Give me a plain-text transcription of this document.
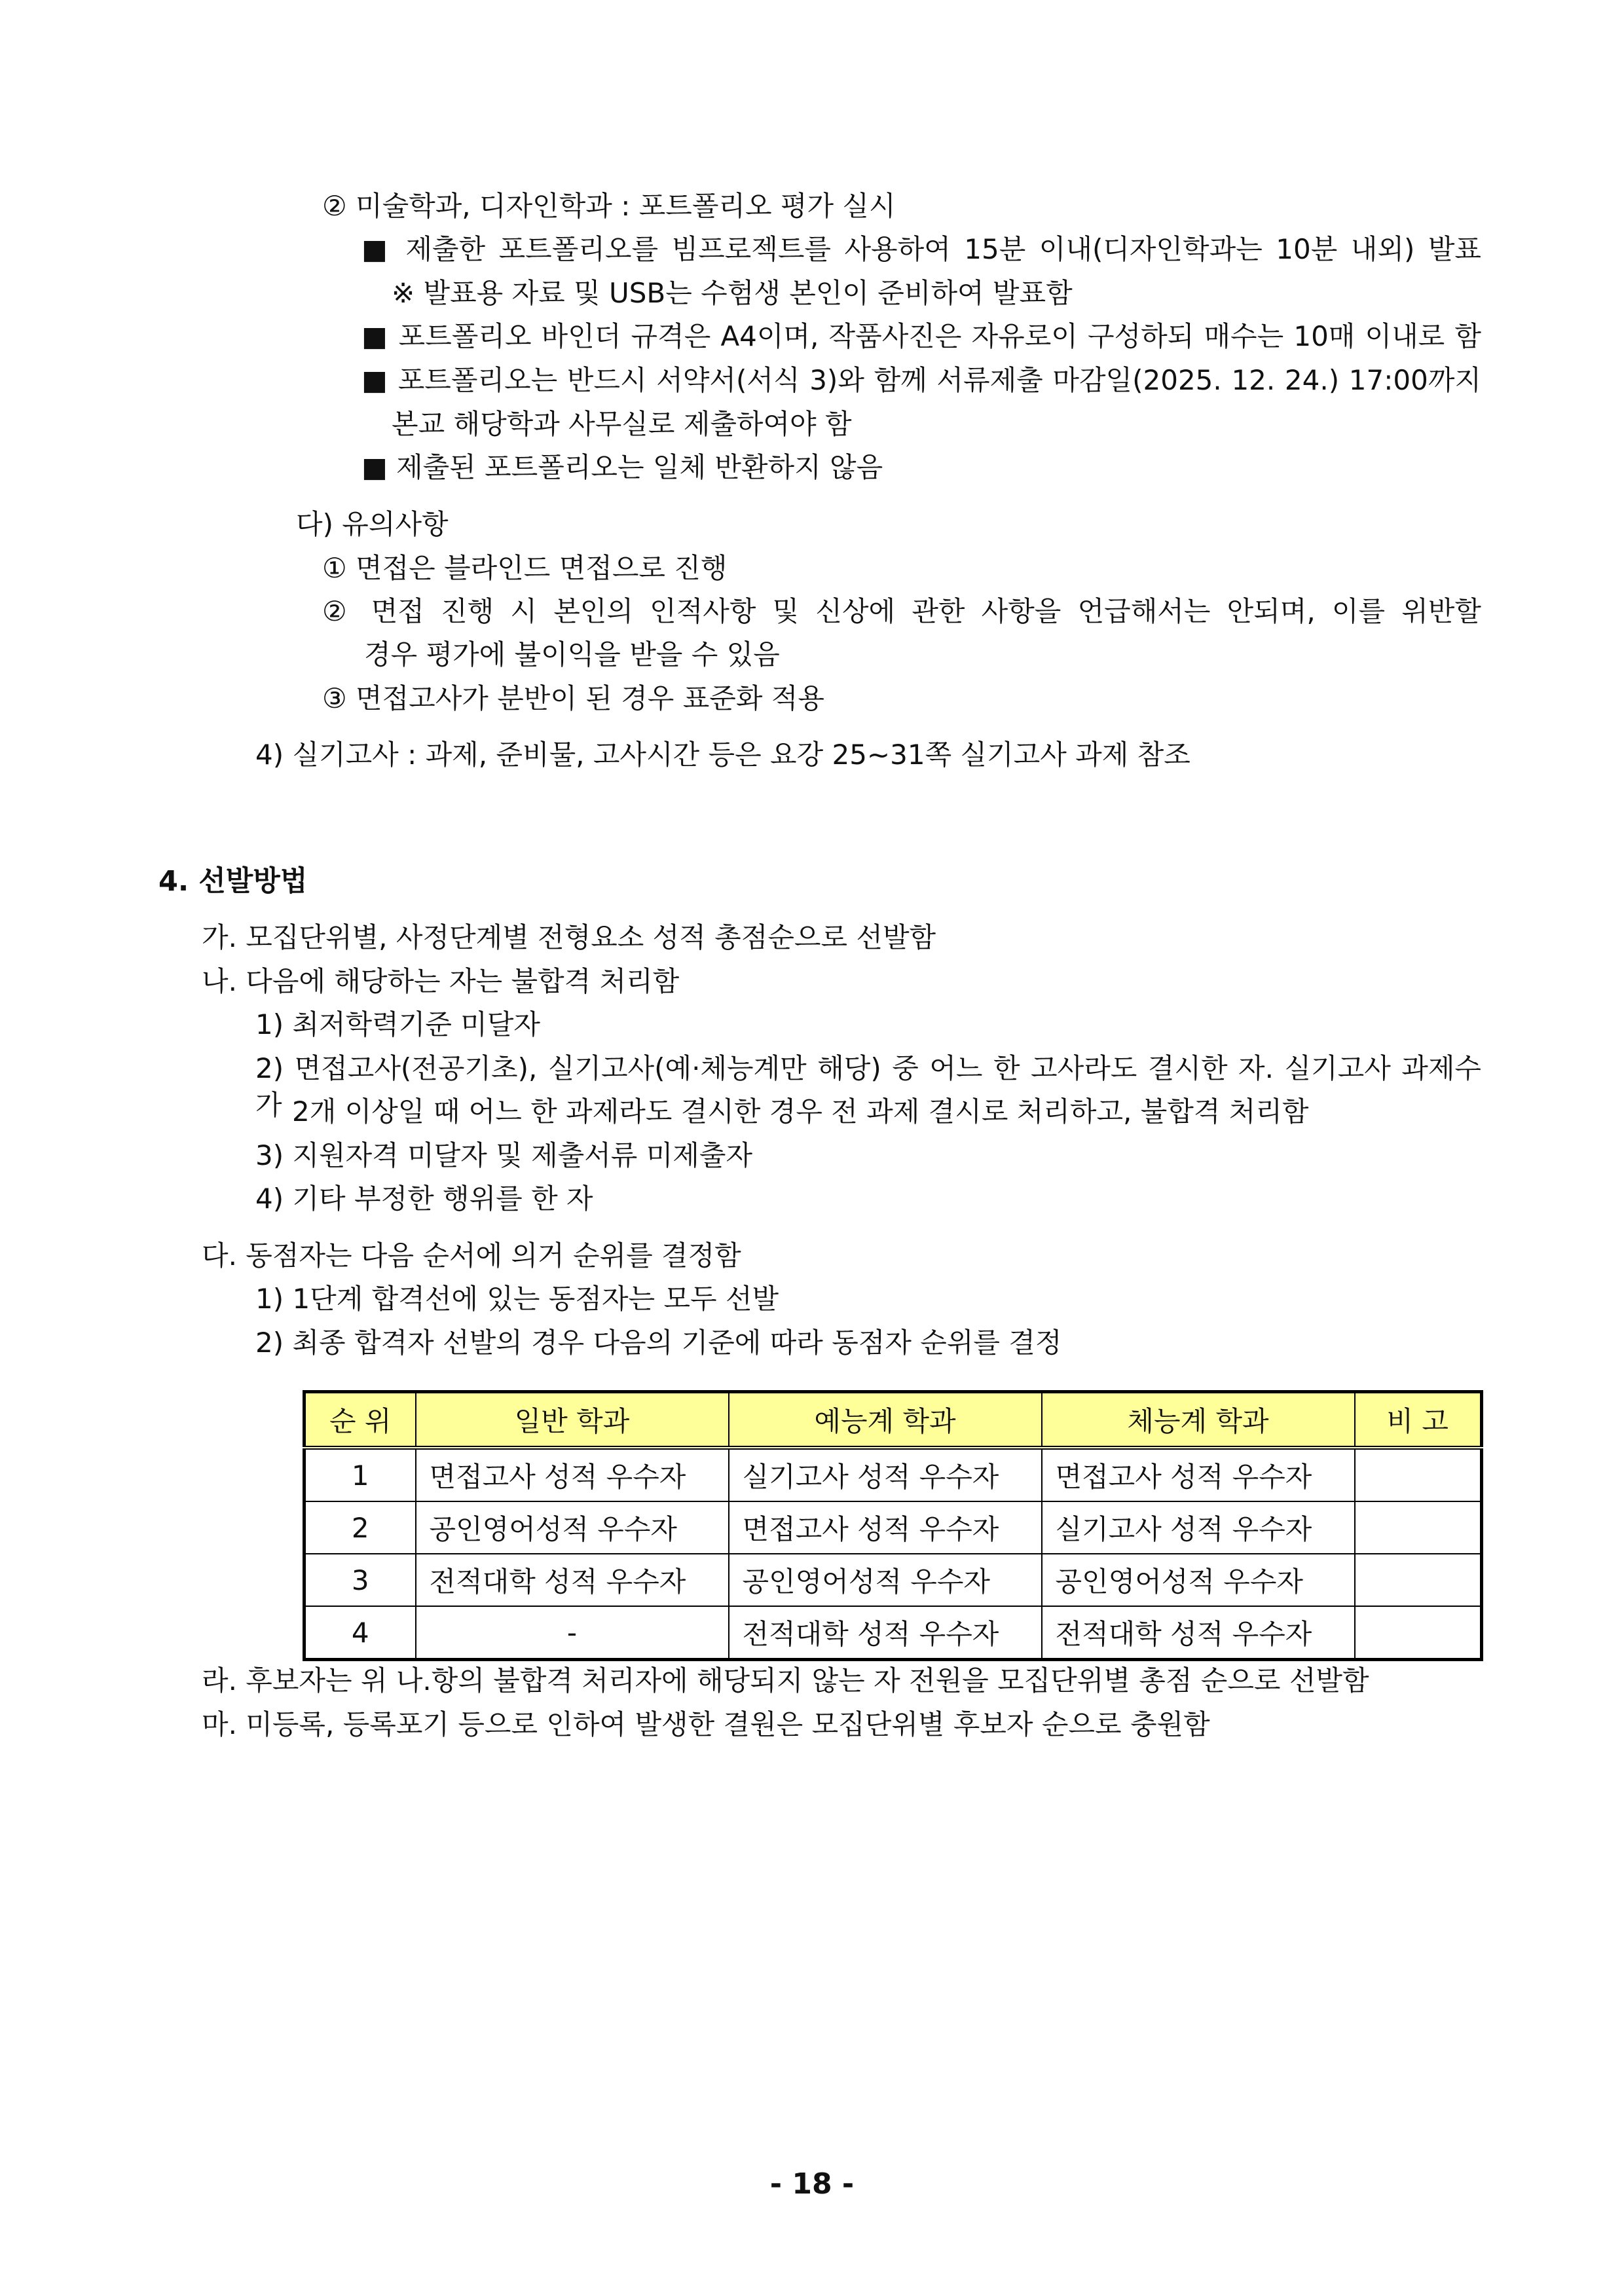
② 미술학과, 디자인학과 : 포트폴리오 평가 실시
■ 제출한 포트폴리오를 빔프로젝트를 사용하여 15분 이내(디자인학과는 10분 내외) 발표
※ 발표용 자료 및 USB는 수험생 본인이 준비하여 발표함
■ 포트폴리오 바인더 규격은 A4이며, 작품사진은 자유로이 구성하되 매수는 10매 이내로 함
■ 포트폴리오는 반드시 서약서(서식 3)와 함께 서류제출 마감일(2025. 12. 24.) 17:00까지
본교 해당학과 사무실로 제출하여야 함
■ 제출된 포트폴리오는 일체 반환하지 않음
다) 유의사항
① 면접은 블라인드 면접으로 진행
② 면접 진행 시 본인의 인적사항 및 신상에 관한 사항을 언급해서는 안되며, 이를 위반할
경우 평가에 불이익을 받을 수 있음
③ 면접고사가 분반이 된 경우 표준화 적용
4) 실기고사 : 과제, 준비물, 고사시간 등은 요강 25~31쪽 실기고사 과제 참조
4. 선발방법
가. 모집단위별, 사정단계별 전형요소 성적 총점순으로 선발함
나. 다음에 해당하는 자는 불합격 처리함
1) 최저학력기준 미달자
2) 면접고사(전공기초), 실기고사(예·체능계만 해당) 중 어느 한 고사라도 결시한 자. 실기고사 과제수가 2개 이상일 때 어느 한 과제라도 결시한 경우 전 과제 결시로 처리하고, 불합격 처리함
3) 지원자격 미달자 및 제출서류 미제출자
4) 기타 부정한 행위를 한 자
다. 동점자는 다음 순서에 의거 순위를 결정함
1) 1단계 합격선에 있는 동점자는 모두 선발
2) 최종 합격자 선발의 경우 다음의 기준에 따라 동점자 순위를 결정
순 위	일반 학과	예능계 학과	체능계 학과	비 고
1	면접고사 성적 우수자	실기고사 성적 우수자	면접고사 성적 우수자	
2	공인영어성적 우수자	면접고사 성적 우수자	실기고사 성적 우수자	
3	전적대학 성적 우수자	공인영어성적 우수자	공인영어성적 우수자	
4	-	전적대학 성적 우수자	전적대학 성적 우수자	
라. 후보자는 위 나.항의 불합격 처리자에 해당되지 않는 자 전원을 모집단위별 총점 순으로 선발함
마. 미등록, 등록포기 등으로 인하여 발생한 결원은 모집단위별 후보자 순으로 충원함
- 18 -
